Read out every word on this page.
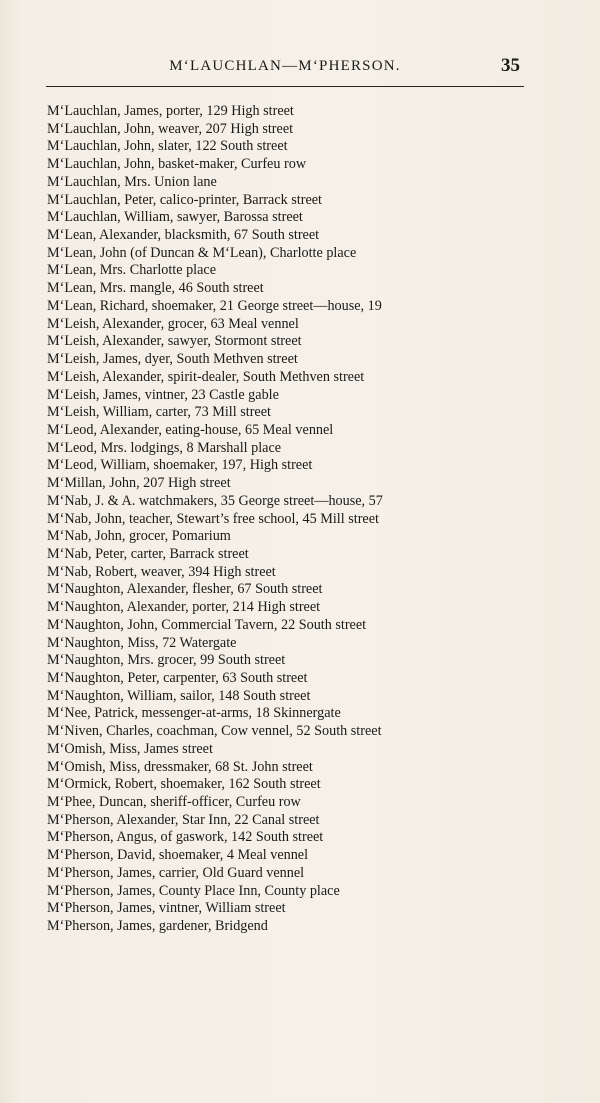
M‘LAUCHLAN—M‘PHERSON.	35
M‘Lauchlan, James, porter, 129 High street
M‘Lauchlan, John, weaver, 207 High street
M‘Lauchlan, John, slater, 122 South street
M‘Lauchlan, John, basket-maker, Curfeu row
M‘Lauchlan, Mrs. Union lane
M‘Lauchlan, Peter, calico-printer, Barrack street
M‘Lauchlan, William, sawyer, Barossa street
M‘Lean, Alexander, blacksmith, 67 South street
M‘Lean, John (of Duncan & M‘Lean), Charlotte place
M‘Lean, Mrs. Charlotte place
M‘Lean, Mrs. mangle, 46 South street
M‘Lean, Richard, shoemaker, 21 George street—house, 19
M‘Leish, Alexander, grocer, 63 Meal vennel
M‘Leish, Alexander, sawyer, Stormont street
M‘Leish, James, dyer, South Methven street
M‘Leish, Alexander, spirit-dealer, South Methven street
M‘Leish, James, vintner, 23 Castle gable
M‘Leish, William, carter, 73 Mill street
M‘Leod, Alexander, eating-house, 65 Meal vennel
M‘Leod, Mrs. lodgings, 8 Marshall place
M‘Leod, William, shoemaker, 197, High street
M‘Millan, John, 207 High street
M‘Nab, J. & A. watchmakers, 35 George street—house, 57
M‘Nab, John, teacher, Stewart’s free school, 45 Mill street
M‘Nab, John, grocer, Pomarium
M‘Nab, Peter, carter, Barrack street
M‘Nab, Robert, weaver, 394 High street
M‘Naughton, Alexander, flesher, 67 South street
M‘Naughton, Alexander, porter, 214 High street
M‘Naughton, John, Commercial Tavern, 22 South street
M‘Naughton, Miss, 72 Watergate
M‘Naughton, Mrs. grocer, 99 South street
M‘Naughton, Peter, carpenter, 63 South street
M‘Naughton, William, sailor, 148 South street
M‘Nee, Patrick, messenger-at-arms, 18 Skinnergate
M‘Niven, Charles, coachman, Cow vennel, 52 South street
M‘Omish, Miss, James street
M‘Omish, Miss, dressmaker, 68 St. John street
M‘Ormick, Robert, shoemaker, 162 South street
M‘Phee, Duncan, sheriff-officer, Curfeu row
M‘Pherson, Alexander, Star Inn, 22 Canal street
M‘Pherson, Angus, of gaswork, 142 South street
M‘Pherson, David, shoemaker, 4 Meal vennel
M‘Pherson, James, carrier, Old Guard vennel
M‘Pherson, James, County Place Inn, County place
M‘Pherson, James, vintner, William street
M‘Pherson, James, gardener, Bridgend
